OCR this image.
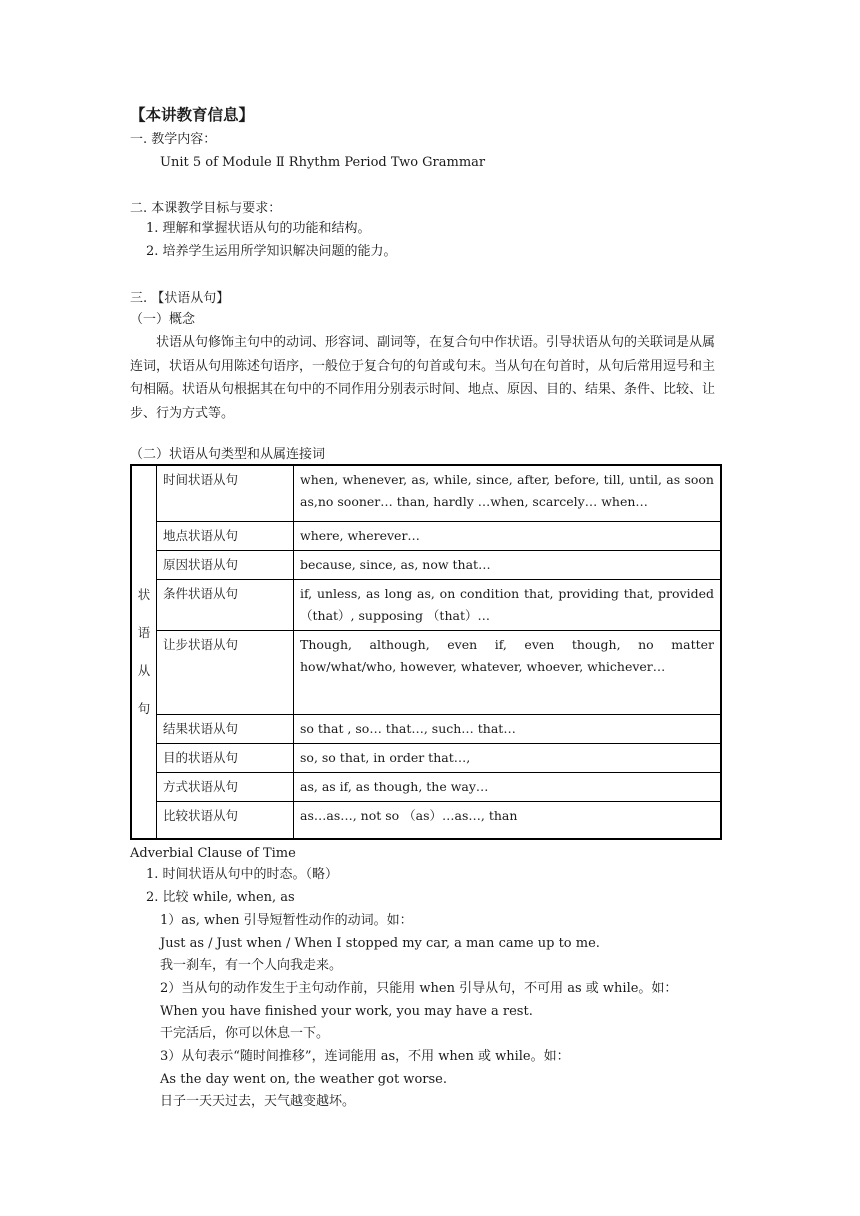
【本讲教育信息】
一. 教学内容：
Unit 5 of Module Ⅱ Rhythm Period Two Grammar
二. 本课教学目标与要求：
1. 理解和掌握状语从句的功能和结构。
2. 培养学生运用所学知识解决问题的能力。
三. 【状语从句】
（一）概念
状语从句修饰主句中的动词、形容词、副词等，在复合句中作状语。引导状语从句的关联词是从属连词，状语从句用陈述句语序，一般位于复合句的句首或句末。当从句在句首时，从句后常用逗号和主句相隔。状语从句根据其在句中的不同作用分别表示时间、地点、原因、目的、结果、条件、比较、让步、行为方式等。
（二）状语从句类型和从属连接词
状
语
从
句	时间状语从句	when, whenever, as, while, since, after, before, till, until, as soon as,no sooner… than, hardly …when, scarcely… when…
	地点状语从句	where, wherever…
	原因状语从句	because, since, as, now that…
	条件状语从句	if, unless, as long as, on condition that, providing that, provided （that）, supposing （that）…
	让步状语从句	Though, although, even if, even though, no matter how/what/who, however, whatever, whoever, whichever…
	结果状语从句	so that , so… that…, such… that…
	目的状语从句	so, so that, in order that…,
	方式状语从句	as, as if, as though, the way…
	比较状语从句	as…as…, not so （as）…as…, than
Adverbial Clause of Time
1. 时间状语从句中的时态。（略）
2. 比较 while, when, as
1）as, when 引导短暂性动作的动词。如：
Just as / Just when / When I stopped my car, a man came up to me.
我一刹车，有一个人向我走来。
2）当从句的动作发生于主句动作前，只能用 when 引导从句，不可用 as 或 while。如：
When you have finished your work, you may have a rest.
干完活后，你可以休息一下。
3）从句表示“随时间推移”，连词能用 as，不用 when 或 while。如：
As the day went on, the weather got worse.
日子一天天过去，天气越变越坏。
